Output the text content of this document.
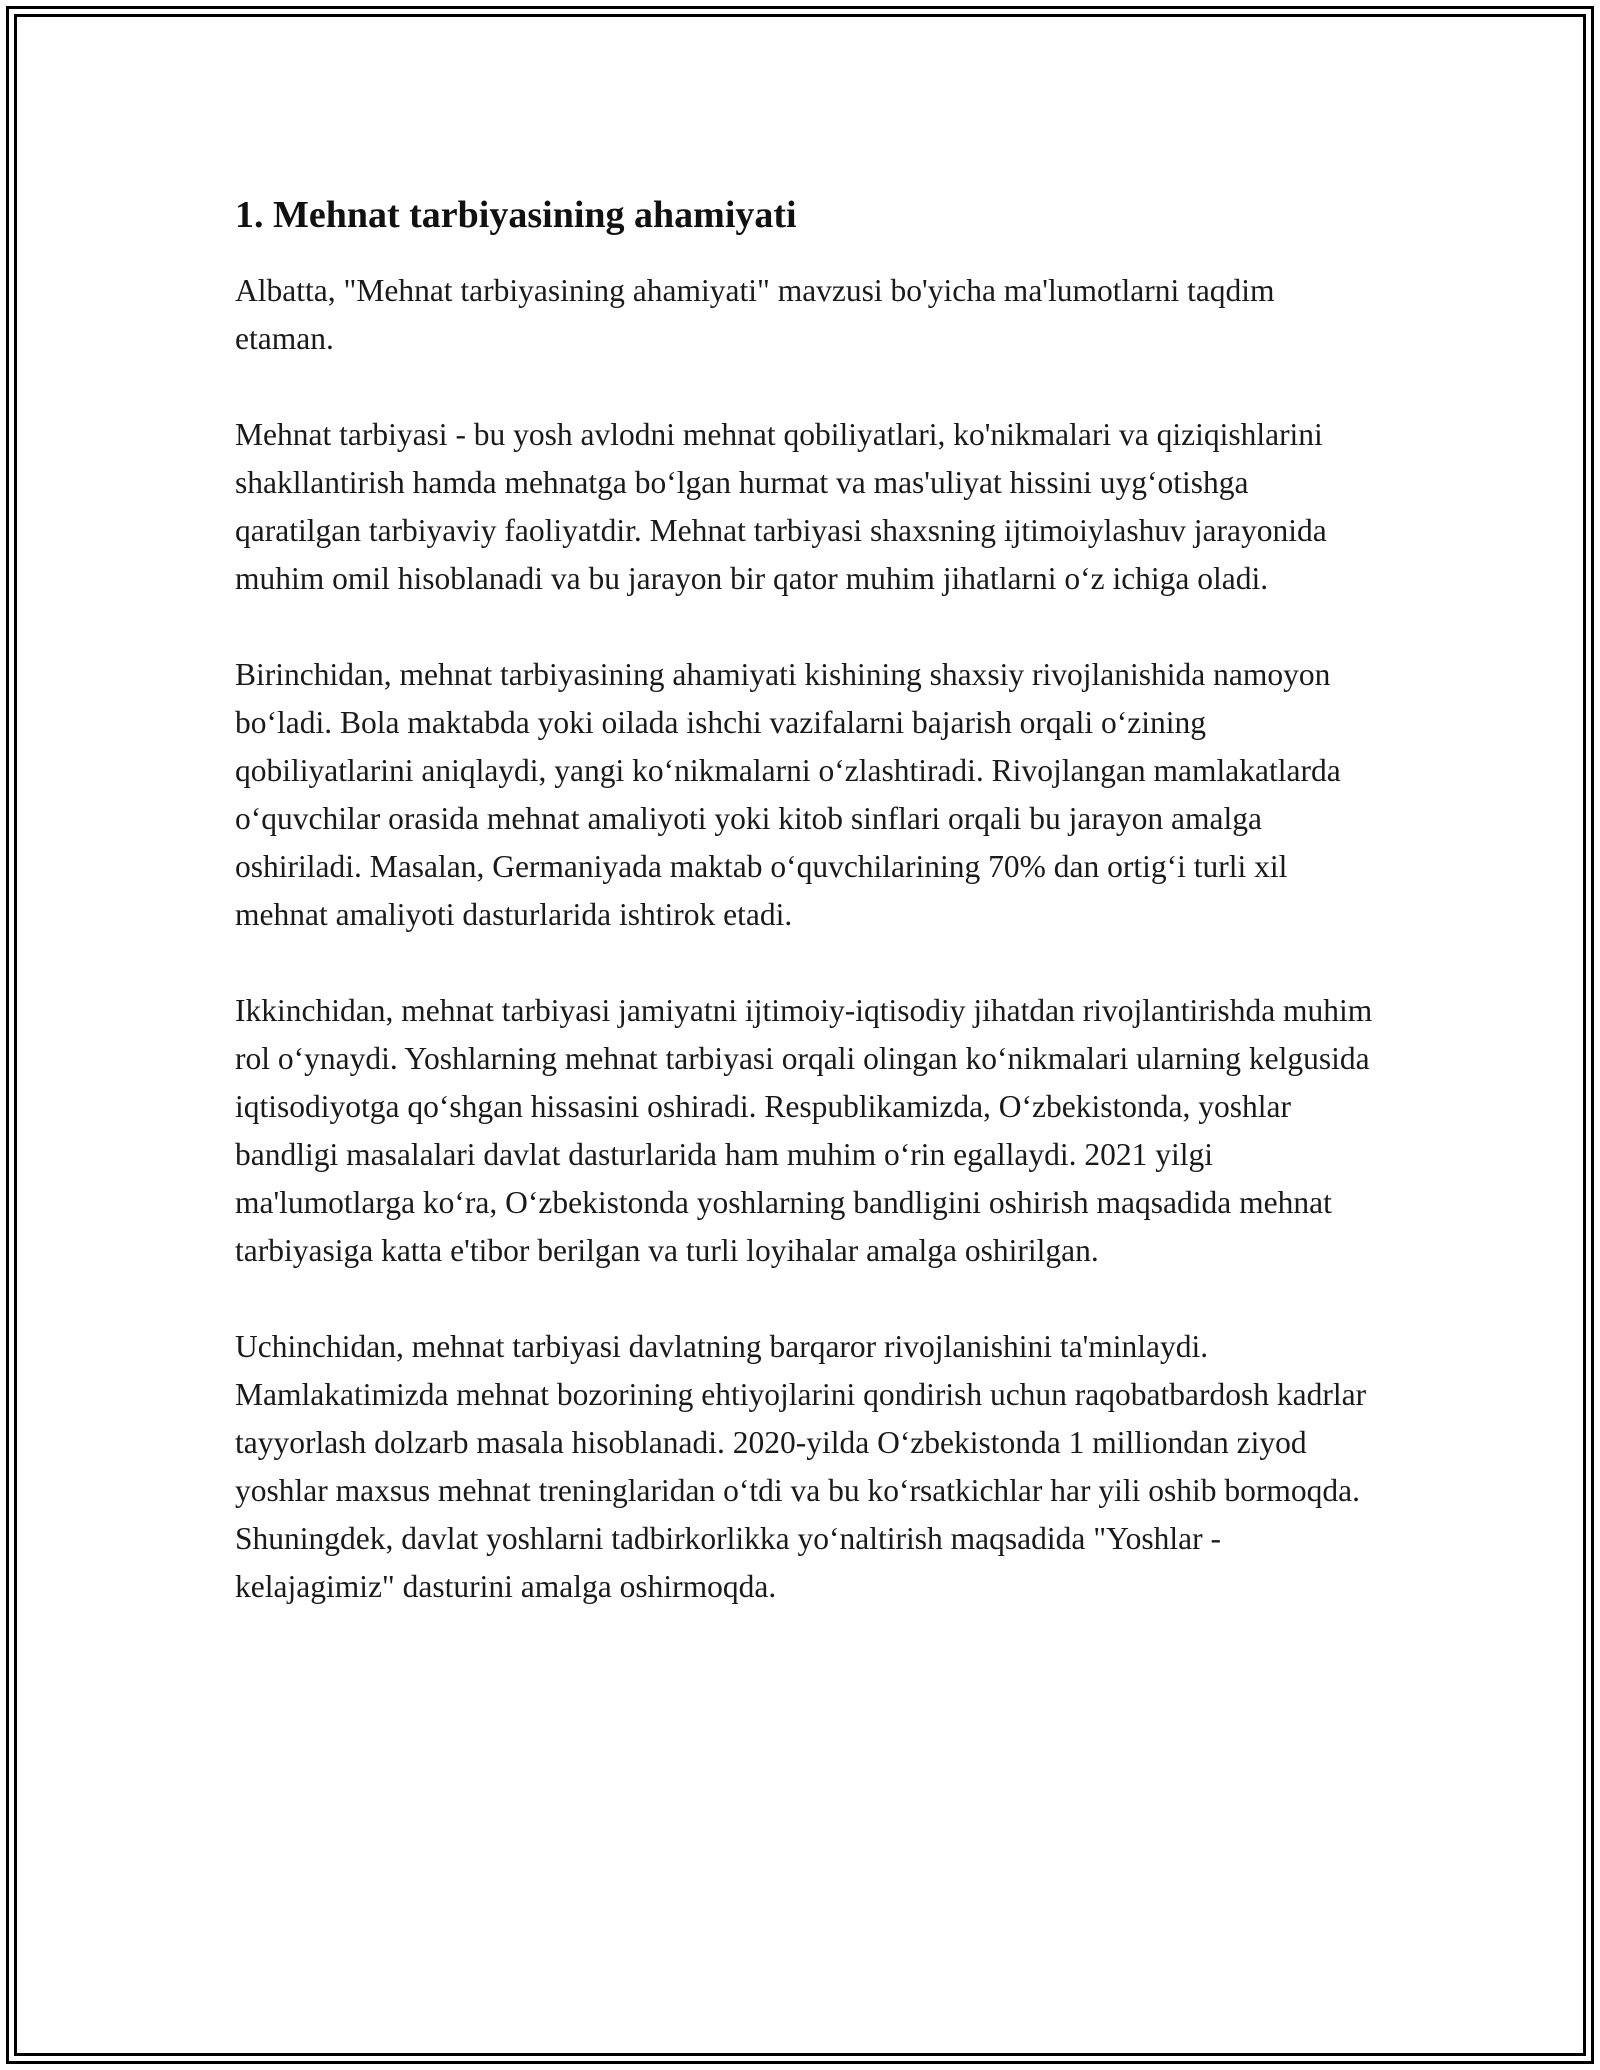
1. Mehnat tarbiyasining ahamiyati

Albatta, "Mehnat tarbiyasining ahamiyati" mavzusi bo'yicha ma'lumotlarni taqdim etaman.

Mehnat tarbiyasi - bu yosh avlodni mehnat qobiliyatlari, ko'nikmalari va qiziqishlarini shakllantirish hamda mehnatga bo‘lgan hurmat va mas'uliyat hissini uyg‘otishga qaratilgan tarbiyaviy faoliyatdir. Mehnat tarbiyasi shaxsning ijtimoiylashuv jarayonida muhim omil hisoblanadi va bu jarayon bir qator muhim jihatlarni o‘z ichiga oladi.

Birinchidan, mehnat tarbiyasining ahamiyati kishining shaxsiy rivojlanishida namoyon bo‘ladi. Bola maktabda yoki oilada ishchi vazifalarni bajarish orqali o‘zining qobiliyatlarini aniqlaydi, yangi ko‘nikmalarni o‘zlashtiradi. Rivojlangan mamlakatlarda o‘quvchilar orasida mehnat amaliyoti yoki kitob sinflari orqali bu jarayon amalga oshiriladi. Masalan, Germaniyada maktab o‘quvchilarining 70% dan ortig‘i turli xil mehnat amaliyoti dasturlarida ishtirok etadi.

Ikkinchidan, mehnat tarbiyasi jamiyatni ijtimoiy-iqtisodiy jihatdan rivojlantirishda muhim rol o‘ynaydi. Yoshlarning mehnat tarbiyasi orqali olingan ko‘nikmalari ularning kelgusida iqtisodiyotga qo‘shgan hissasini oshiradi. Respublikamizda, O‘zbekistonda, yoshlar bandligi masalalari davlat dasturlarida ham muhim o‘rin egallaydi. 2021 yilgi ma'lumotlarga ko‘ra, O‘zbekistonda yoshlarning bandligini oshirish maqsadida mehnat tarbiyasiga katta e'tibor berilgan va turli loyihalar amalga oshirilgan.

Uchinchidan, mehnat tarbiyasi davlatning barqaror rivojlanishini ta'minlaydi. Mamlakatimizda mehnat bozorining ehtiyojlarini qondirish uchun raqobatbardosh kadrlar tayyorlash dolzarb masala hisoblanadi. 2020-yilda O‘zbekistonda 1 milliondan ziyod yoshlar maxsus mehnat treninglaridan o‘tdi va bu ko‘rsatkichlar har yili oshib bormoqda. Shuningdek, davlat yoshlarni tadbirkorlikka yo‘naltirish maqsadida "Yoshlar - kelajagimiz" dasturini amalga oshirmoqda.
